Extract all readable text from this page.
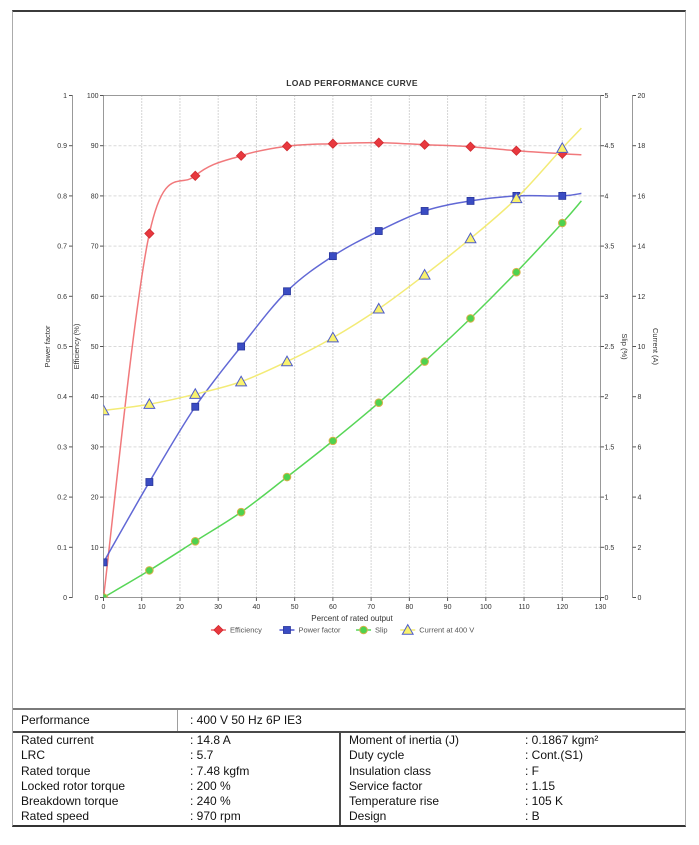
0	10	20	30	40	50	60	70	80	90	100	110	120	130
Percent of rated output
0
0.1
0.2
0.3
0.4
0.5
0.6
0.7
0.8
0.9
1
0
10
20
30
40
50
60
70
80
90
100
Power factor	Efficiency (%)
0
0.5
1
1.5
2
2.5
3
3.5
4
4.5
5
0
2
4
6
8
10
12
14
16
18
20
Slip (%)	Current (A)
LOAD PERFORMANCE CURVE
Efficiency	Power factor	Slip	Current at 400 V
Performance	: 400 V 50 Hz 6P IE3
Rated current	: 14.8 A	Moment of inertia (J)	: 0.1867 kgm²
LRC	: 5.7	Duty cycle	: Cont.(S1)
Rated torque	: 7.48 kgfm	Insulation class	: F
Locked rotor torque	: 200 %	Service factor	: 1.15
Breakdown torque	: 240 %	Temperature rise	: 105 K
Rated speed	: 970 rpm	Design	: B
